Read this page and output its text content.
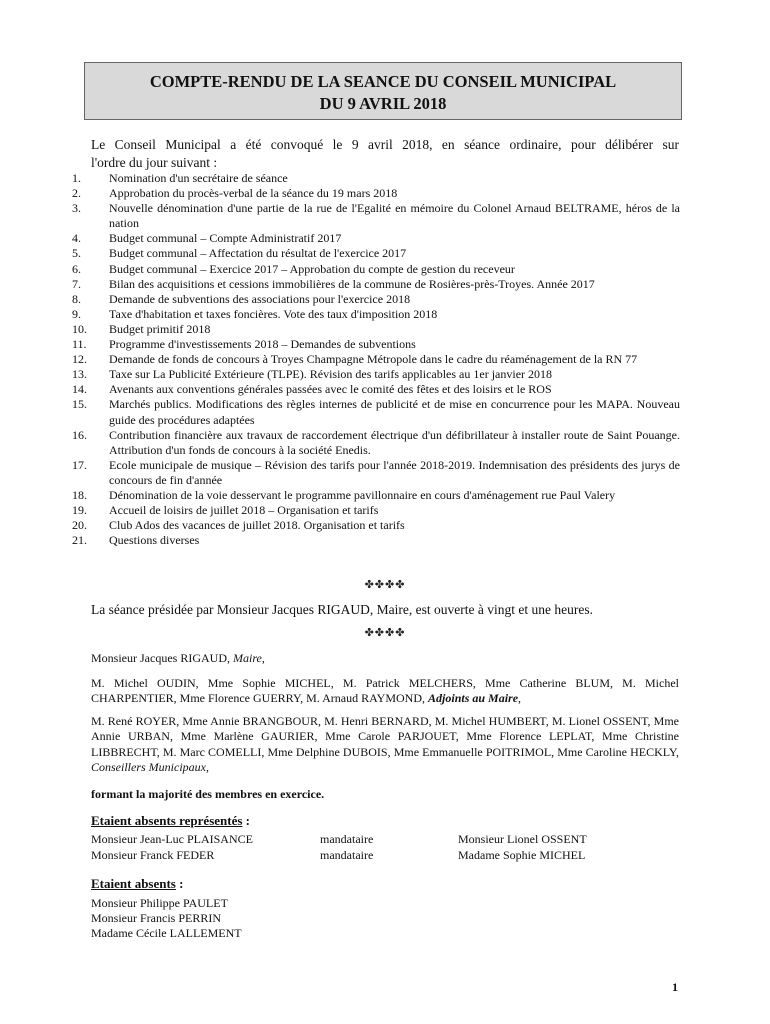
COMPTE-RENDU DE LA SEANCE DU CONSEIL MUNICIPAL
DU 9 AVRIL 2018
Le Conseil Municipal a été convoqué le 9 avril 2018, en séance ordinaire, pour délibérer sur
l'ordre du jour suivant :
1. Nomination d'un secrétaire de séance
2. Approbation du procès-verbal de la séance du 19 mars 2018
3. Nouvelle dénomination d'une partie de la rue de l'Egalité en mémoire du Colonel Arnaud BELTRAME, héros de la nation
4. Budget communal – Compte Administratif 2017
5. Budget communal – Affectation du résultat de l'exercice 2017
6. Budget communal – Exercice 2017 – Approbation du compte de gestion du receveur
7. Bilan des acquisitions et cessions immobilières de la commune de Rosières-près-Troyes. Année 2017
8. Demande de subventions des associations pour l'exercice 2018
9. Taxe d'habitation et taxes foncières. Vote des taux d'imposition 2018
10. Budget primitif 2018
11. Programme d'investissements 2018 – Demandes de subventions
12. Demande de fonds de concours à Troyes Champagne Métropole dans le cadre du réaménagement de la RN 77
13. Taxe sur La Publicité Extérieure (TLPE). Révision des tarifs applicables au 1er janvier 2018
14. Avenants aux conventions générales passées avec le comité des fêtes et des loisirs et le ROS
15. Marchés publics. Modifications des règles internes de publicité et de mise en concurrence pour les MAPA. Nouveau guide des procédures adaptées
16. Contribution financière aux travaux de raccordement électrique d'un défibrillateur à installer route de Saint Pouange. Attribution d'un fonds de concours à la société Enedis.
17. Ecole municipale de musique – Révision des tarifs pour l'année 2018-2019. Indemnisation des présidents des jurys de concours de fin d'année
18. Dénomination de la voie desservant le programme pavillonnaire en cours d'aménagement rue Paul Valery
19. Accueil de loisirs de juillet 2018 – Organisation et tarifs
20. Club Ados des vacances de juillet 2018. Organisation et tarifs
21. Questions diverses
✤✤✤✤
La séance présidée par Monsieur Jacques RIGAUD, Maire, est ouverte à vingt et une heures.
✤✤✤✤
Monsieur Jacques RIGAUD, Maire,
M. Michel OUDIN, Mme Sophie MICHEL, M. Patrick MELCHERS, Mme Catherine BLUM, M. Michel CHARPENTIER, Mme Florence GUERRY, M. Arnaud RAYMOND, Adjoints au Maire,
M. René ROYER, Mme Annie BRANGBOUR, M. Henri BERNARD, M. Michel HUMBERT, M. Lionel OSSENT, Mme Annie URBAN, Mme Marlène GAURIER, Mme Carole PARJOUET, Mme Florence LEPLAT, Mme Christine LIBBRECHT, M. Marc COMELLI, Mme Delphine DUBOIS, Mme Emmanuelle POITRIMOL, Mme Caroline HECKLY, Conseillers Municipaux,
formant la majorité des membres en exercice.
Etaient absents représentés :
Monsieur Jean-Luc PLAISANCE	mandataire	Monsieur Lionel OSSENT
Monsieur Franck FEDER	mandataire	Madame Sophie MICHEL
Etaient absents :
Monsieur Philippe PAULET
Monsieur Francis PERRIN
Madame Cécile LALLEMENT
1
